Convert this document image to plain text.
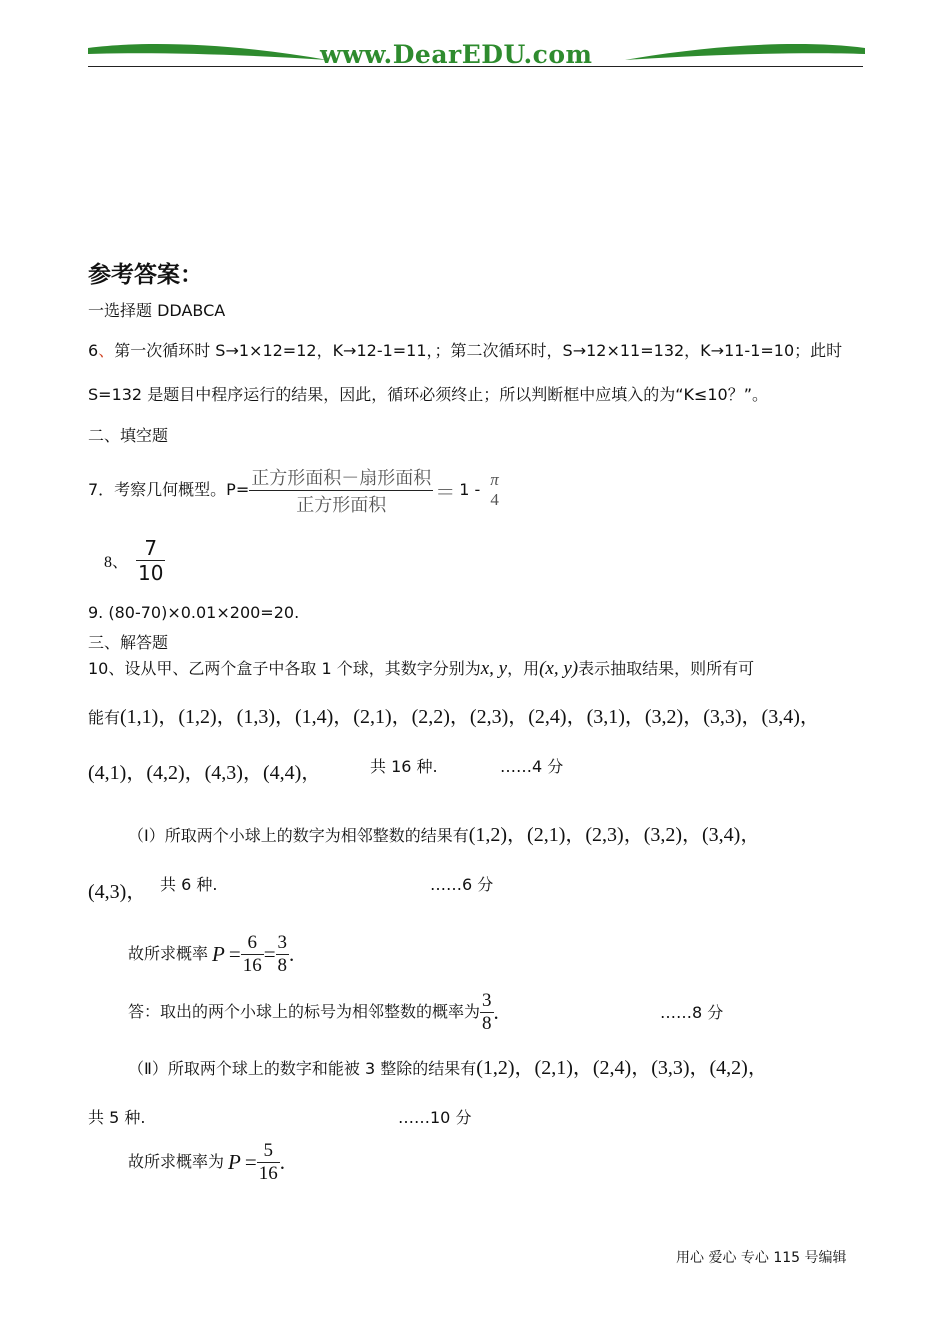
www.DearEDU.com
参考答案：
一选择题 DDABCA
6、第一次循环时 S→1×12=12，K→12-1=11，；第二次循环时，S→12×11=132，K→11-1=10；此时
S=132 是题目中程序运行的结果，因此，循环必须终止；所以判断框中应填入的为“K≤10？”。
二、填空题
7．考察几何概型。$P= \frac{\text{正方形面积－扇形面积}}{\text{正方形面积}} = 1$ -
π
4
8、 $\frac{7}{10}$
9. (80-70)×0.01×200=20.
三、解答题
10、设从甲、乙两个盒子中各取 1 个球，其数字分别为x, y，用(x, y)表示抽取结果，则所有可
能有 (1,1)，(1,2)，(1,3)，(1,4)，(2,1)，(2,2)，(2,3)，(2,4)，(3,1)，(3,2)，(3,3)，(3,4)，
(4,1)，(4,2)，(4,3)，(4,4)，	共 16 种.	……4 分
（Ⅰ）所取两个小球上的数字为相邻整数的结果有 (1,2)，(2,1)，(2,3)，(3,2)，(3,4)，
(4,3)， 共 6 种.	……6 分
故所求概率 $P = \frac{6}{16} = \frac{3}{8}$ .
答：取出的两个小球上的标号为相邻整数的概率为 $\frac{3}{8}$ .	……8 分
（Ⅱ）所取两个球上的数字和能被 3 整除的结果有 (1,2)，(2,1)，(2,4)，(3,3)，(4,2)，
共 5 种.	……10 分
故所求概率为 $P = \frac{5}{16}$ .
用心 爱心 专心 115 号编辑
